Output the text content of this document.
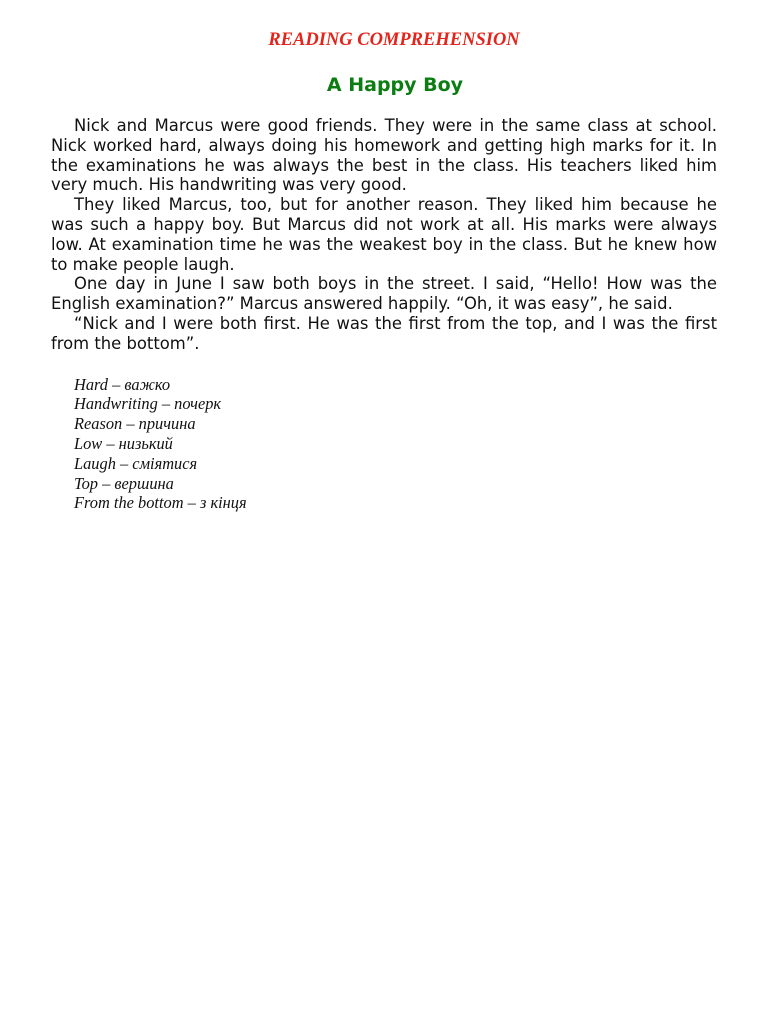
READING COMPREHENSION
A Happy Boy

Nick and Marcus were good friends. They were in the same class at school. Nick worked hard, always doing his homework and getting high marks for it. In the examinations he was always the best in the class. His teachers liked him very much. His handwriting was very good.

They liked Marcus, too, but for another reason. They liked him because he was such a happy boy. But Marcus did not work at all. His marks were always low. At examination time he was the weakest boy in the class. But he knew how to make people laugh.

One day in June I saw both boys in the street. I said, “Hello! How was the English examination?” Marcus answered happily. “Oh, it was easy”, he said.

“Nick and I were both first. He was the first from the top, and I was the first from the bottom”.

Hard – важко
Handwriting – почерк
Reason – причина
Low – низький
Laugh – сміятися
Top – вершина
From the bottom – з кінця
